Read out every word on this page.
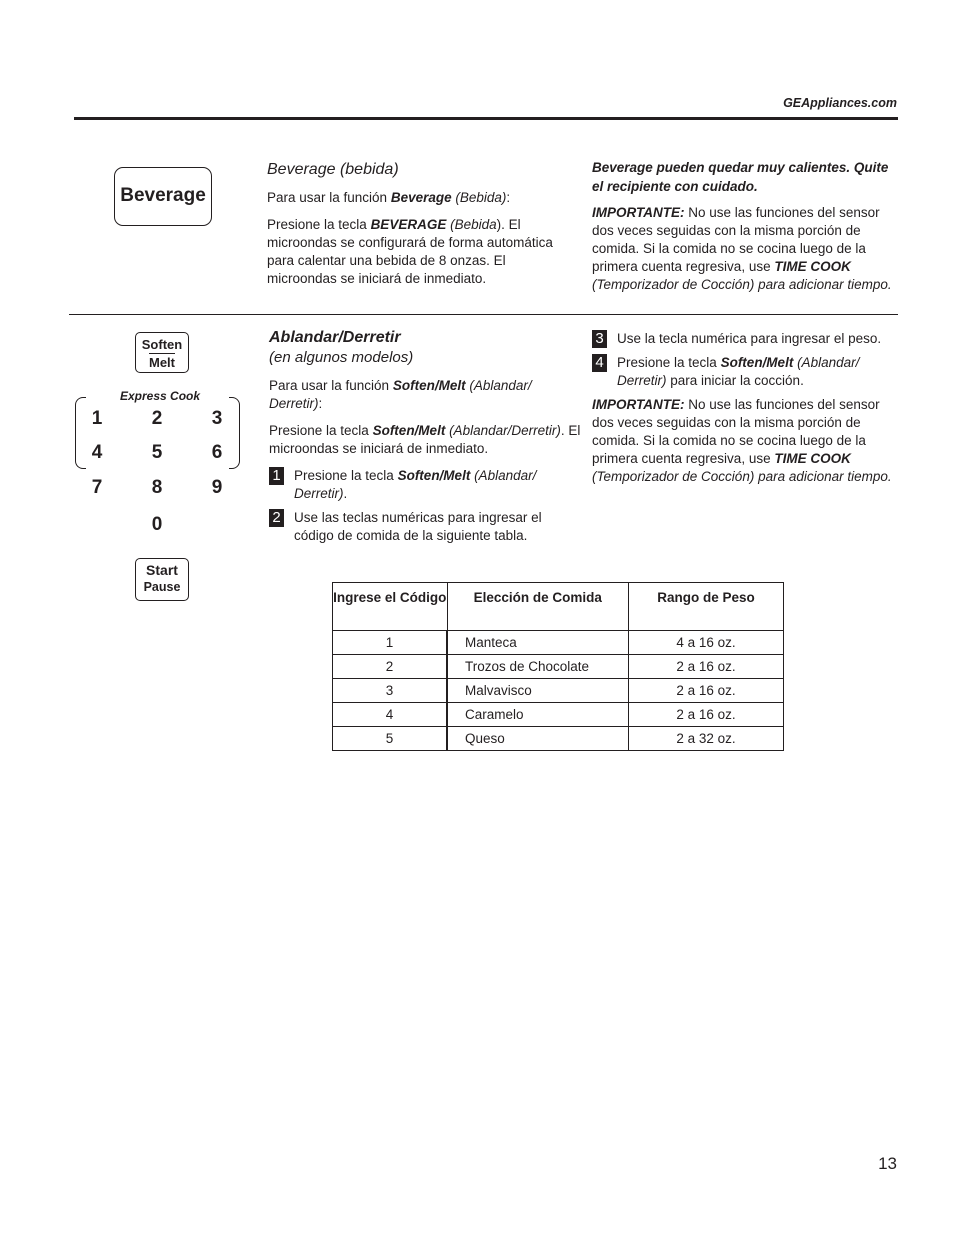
GEAppliances.com
Beverage

Beverage (bebida)

Para usar la función Beverage (Bebida):

Presione la tecla BEVERAGE (Bebida). El microondas se configurará de forma automática para calentar una bebida de 8 onzas. El microondas se iniciará de inmediato.

Beverage pueden quedar muy calientes. Quite el recipiente con cuidado.

IMPORTANTE: No use las funciones del sensor dos veces seguidas con la misma porción de comida. Si la comida no se cocina luego de la primera cuenta regresiva, use TIME COOK (Temporizador de Cocción) para adicionar tiempo.

Soften
Melt
Express Cook
1	2	3
4	5	6
7	8	9
0
Start
Pause

Ablandar/Derretir

(en algunos modelos)

Para usar la función Soften/Melt (Ablandar/ Derretir):

Presione la tecla Soften/Melt (Ablandar/Derretir). El microondas se iniciará de inmediato.

1 Presione la tecla Soften/Melt (Ablandar/ Derretir).

2 Use las teclas numéricas para ingresar el código de comida de la siguiente tabla.

3 Use la tecla numérica para ingresar el peso.

4 Presione la tecla Soften/Melt (Ablandar/ Derretir) para iniciar la cocción.

IMPORTANTE: No use las funciones del sensor dos veces seguidas con la misma porción de comida. Si la comida no se cocina luego de la primera cuenta regresiva, use TIME COOK (Temporizador de Cocción) para adicionar tiempo.

Ingrese el Código	Elección de Comida	Rango de Peso
1	Manteca	4 a 16 oz.
2	Trozos de Chocolate	2 a 16 oz.
3	Malvavisco	2 a 16 oz.
4	Caramelo	2 a 16 oz.
5	Queso	2 a 32 oz.
13
